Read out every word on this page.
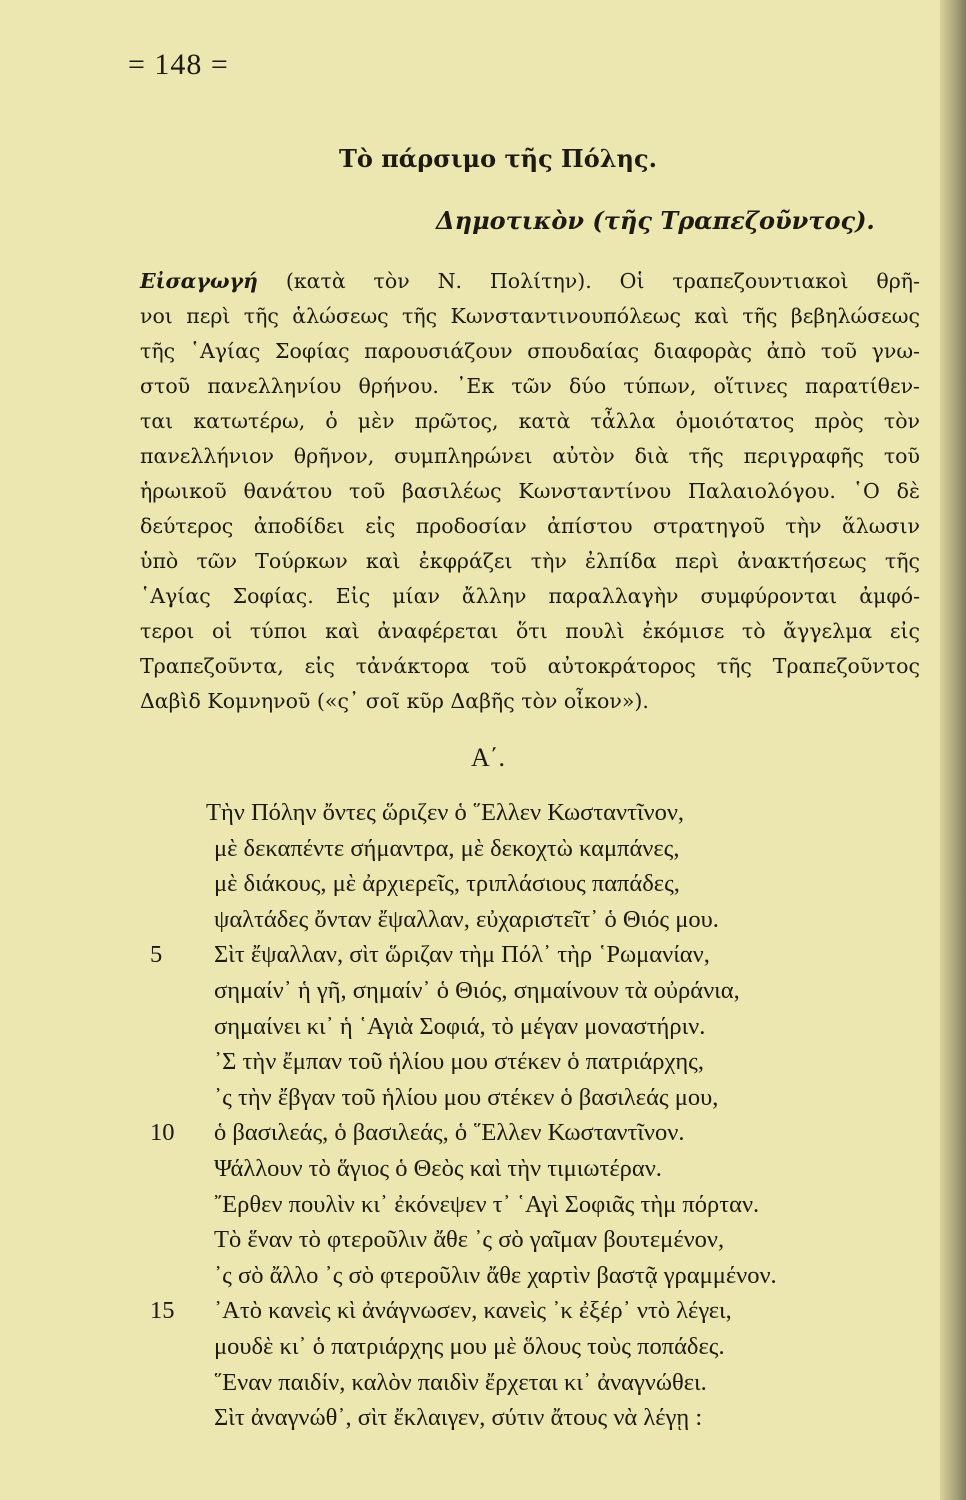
= 148 =
Τὸ πάρσιμο τῆς Πόλης.
Δημοτικὸν (τῆς Τραπεζοῦντος).
Εἰσαγωγή (κατὰ τὸν Ν. Πολίτην). Οἱ τραπεζουντιακοὶ θρῆ-
νοι περὶ τῆς ἁλώσεως τῆς Κωνσταντινουπόλεως καὶ τῆς βεβηλώσεως
τῆς ῾Αγίας Σοφίας παρουσιάζουν σπουδαίας διαφορὰς ἀπὸ τοῦ γνω-
στοῦ πανελληνίου θρήνου. ᾿Εκ τῶν δύο τύπων, οἵτινες παρατίθεν-
ται κατωτέρω, ὁ μὲν πρῶτος, κατὰ τἆλλα ὁμοιότατος πρὸς τὸν
πανελλήνιον θρῆνον, συμπληρώνει αὐτὸν διὰ τῆς περιγραφῆς τοῦ
ἡρωικοῦ θανάτου τοῦ βασιλέως Κωνσταντίνου Παλαιολόγου. ῾Ο δὲ
δεύτερος ἀποδίδει εἰς προδοσίαν ἀπίστου στρατηγοῦ τὴν ἅλωσιν
ὑπὸ τῶν Τούρκων καὶ ἐκφράζει τὴν ἐλπίδα περὶ ἀνακτήσεως τῆς
῾Αγίας Σοφίας. Εἰς μίαν ἄλλην παραλλαγὴν συμφύρονται ἀμφό-
τεροι οἱ τύποι καὶ ἀναφέρεται ὅτι πουλὶ ἐκόμισε τὸ ἄγγελμα εἰς
Τραπεζοῦντα, εἰς τἀνάκτορα τοῦ αὐτοκράτορος τῆς Τραπεζοῦντος
Δαβὶδ Κομνηνοῦ («ς᾿ σοῖ κῦρ Δαβῆς τὸν οἶκον»).
Α΄.
Τὴν Πόλην ὄντες ὥριζεν ὁ ῞Ελλεν Κωσταντῖνον,
μὲ δεκαπέντε σήμαντρα, μὲ δεκοχτὼ καμπάνες,
μὲ διάκους, μὲ ἀρχιερεῖς, τριπλάσιους παπάδες,
ψαλτάδες ὄνταν ἔψαλλαν, εὐχαριστεῖτ᾿ ὁ Θιός μου.
5	Σὶτ ἔψαλλαν, σὶτ ὥριζαν τὴμ Πόλ᾿ τὴρ ῾Ρωμανίαν,
σημαίν᾿ ἡ γῆ, σημαίν᾿ ὁ Θιός, σημαίνουν τὰ οὐράνια,
σημαίνει κι᾿ ἡ ῾Αγιὰ Σοφιά, τὸ μέγαν μοναστήριν.
᾿Σ τὴν ἔμπαν τοῦ ἡλίου μου στέκεν ὁ πατριάρχης,
᾿ς τὴν ἔβγαν τοῦ ἡλίου μου στέκεν ὁ βασιλεάς μου,
10	ὁ βασιλεάς, ὁ βασιλεάς, ὁ ῞Ελλεν Κωσταντῖνον.
Ψάλλουν τὸ ἅγιος ὁ Θεὸς καὶ τὴν τιμιωτέραν.
῎Ερθεν πουλὶν κι᾿ ἐκόνεψεν τ᾿ ῾Αγὶ Σοφιᾶς τὴμ πόρταν.
Τὸ ἕναν τὸ φτεροῦλιν ἄθε ᾿ς σὸ γαῖμαν βουτεμένον,
᾿ς σὸ ἄλλο ᾿ς σὸ φτεροῦλιν ἄθε χαρτὶν βαστᾷ γραμμένον.
15	᾿Ατὸ κανεὶς κὶ ἀνάγνωσεν, κανεὶς ᾿κ ἐξέρ᾿ ντὸ λέγει,
μουδὲ κι᾿ ὁ πατριάρχης μου μὲ ὅλους τοὺς ποπάδες.
῞Εναν παιδίν, καλὸν παιδὶν ἔρχεται κι᾿ ἀναγνώθει.
Σὶτ ἀναγνώθ᾿, σὶτ ἔκλαιγεν, σύτιν ἄτους νὰ λέγῃ :
